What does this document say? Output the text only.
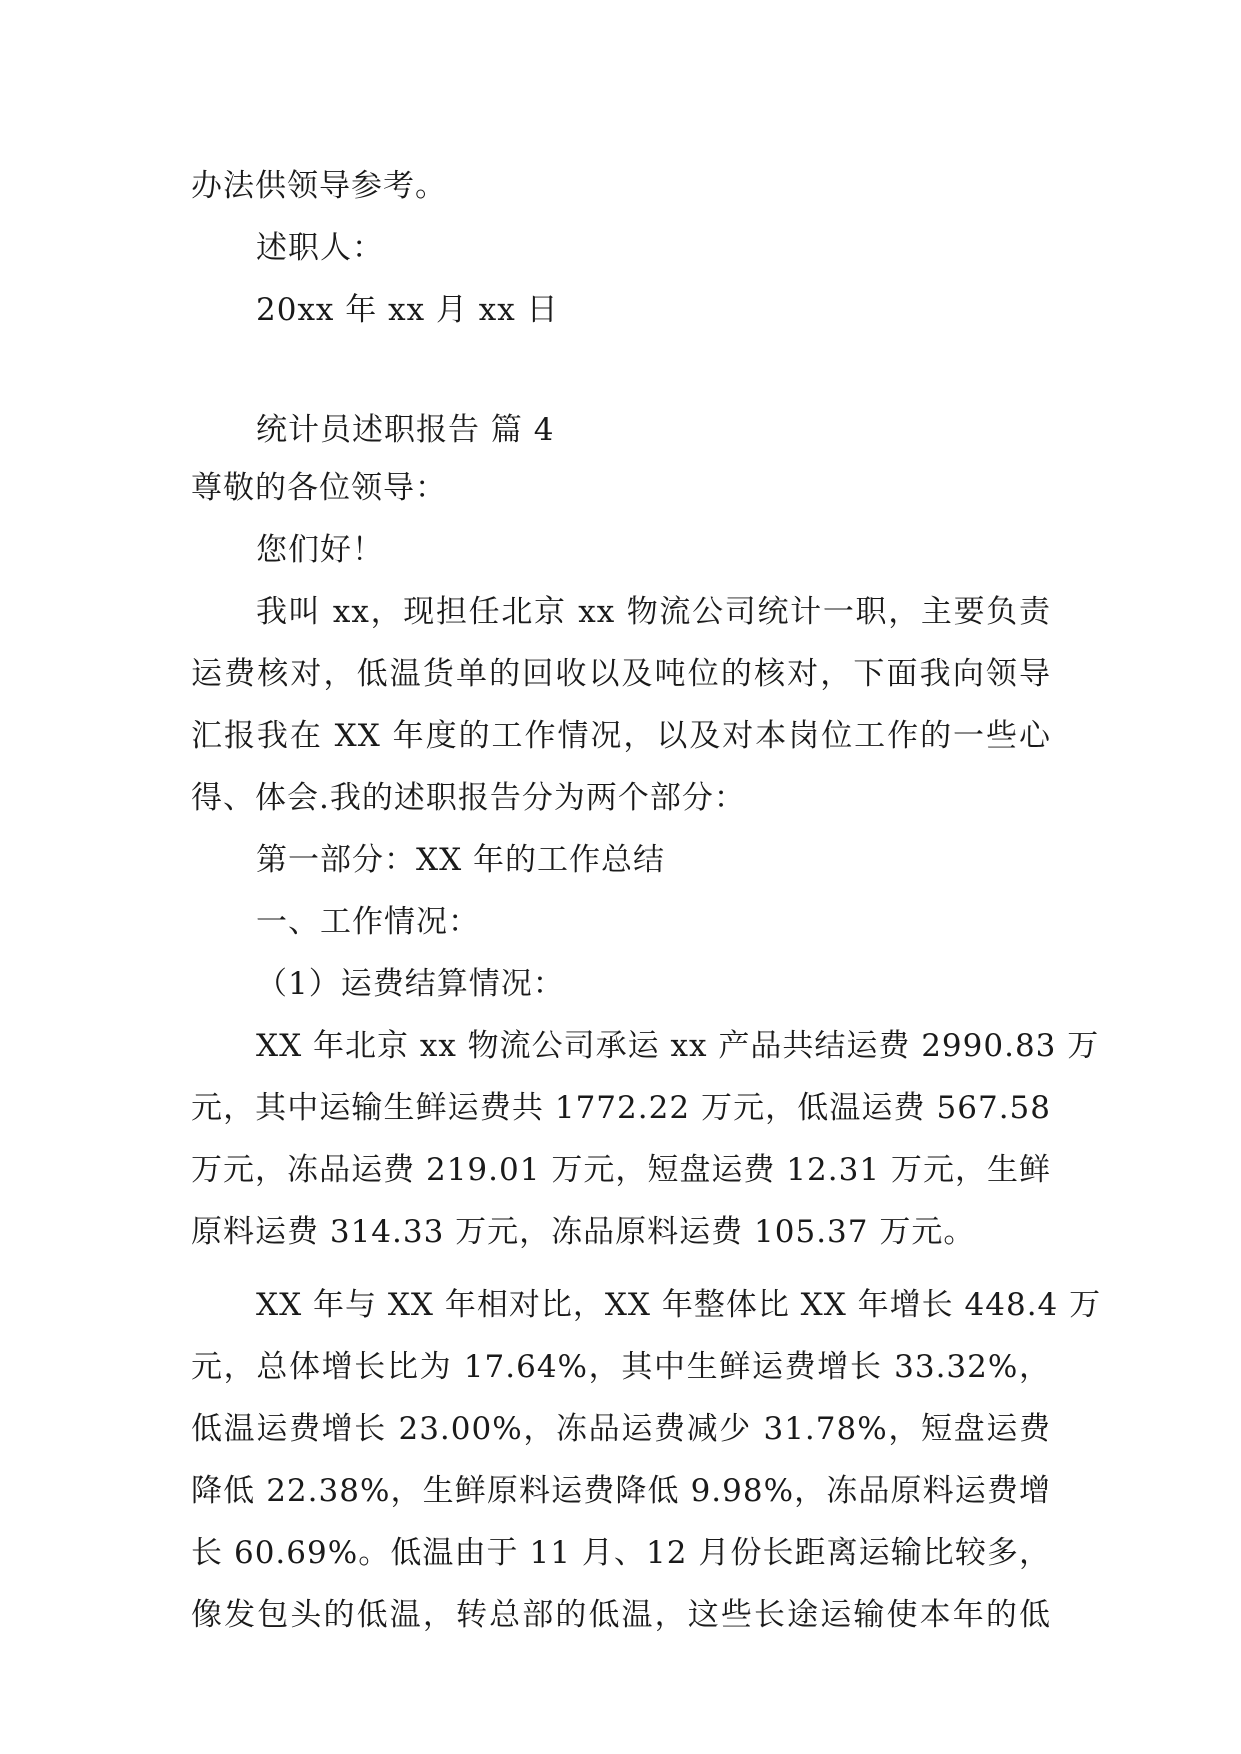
办法供领导参考。
述职人：
20xx 年 xx 月 xx 日
统计员述职报告 篇 4
尊敬的各位领导：
您们好！
我叫 xx，现担任北京 xx 物流公司统计一职，主要负责
运费核对，低温货单的回收以及吨位的核对，下面我向领导
汇报我在 XX 年度的工作情况，以及对本岗位工作的一些心
得、体会.我的述职报告分为两个部分：
第一部分：XX 年的工作总结
一、工作情况：
（1）运费结算情况：
XX 年北京 xx 物流公司承运 xx 产品共结运费 2990.83 万
元，其中运输生鲜运费共 1772.22 万元，低温运费 567.58
万元，冻品运费 219.01 万元，短盘运费 12.31 万元，生鲜
原料运费 314.33 万元，冻品原料运费 105.37 万元。
XX 年与 XX 年相对比，XX 年整体比 XX 年增长 448.4 万
元，总体增长比为 17.64%，其中生鲜运费增长 33.32%，
低温运费增长 23.00%，冻品运费减少 31.78%，短盘运费
降低 22.38%，生鲜原料运费降低 9.98%，冻品原料运费增
长 60.69%。低温由于 11 月、12 月份长距离运输比较多，
像发包头的低温，转总部的低温，这些长途运输使本年的低
